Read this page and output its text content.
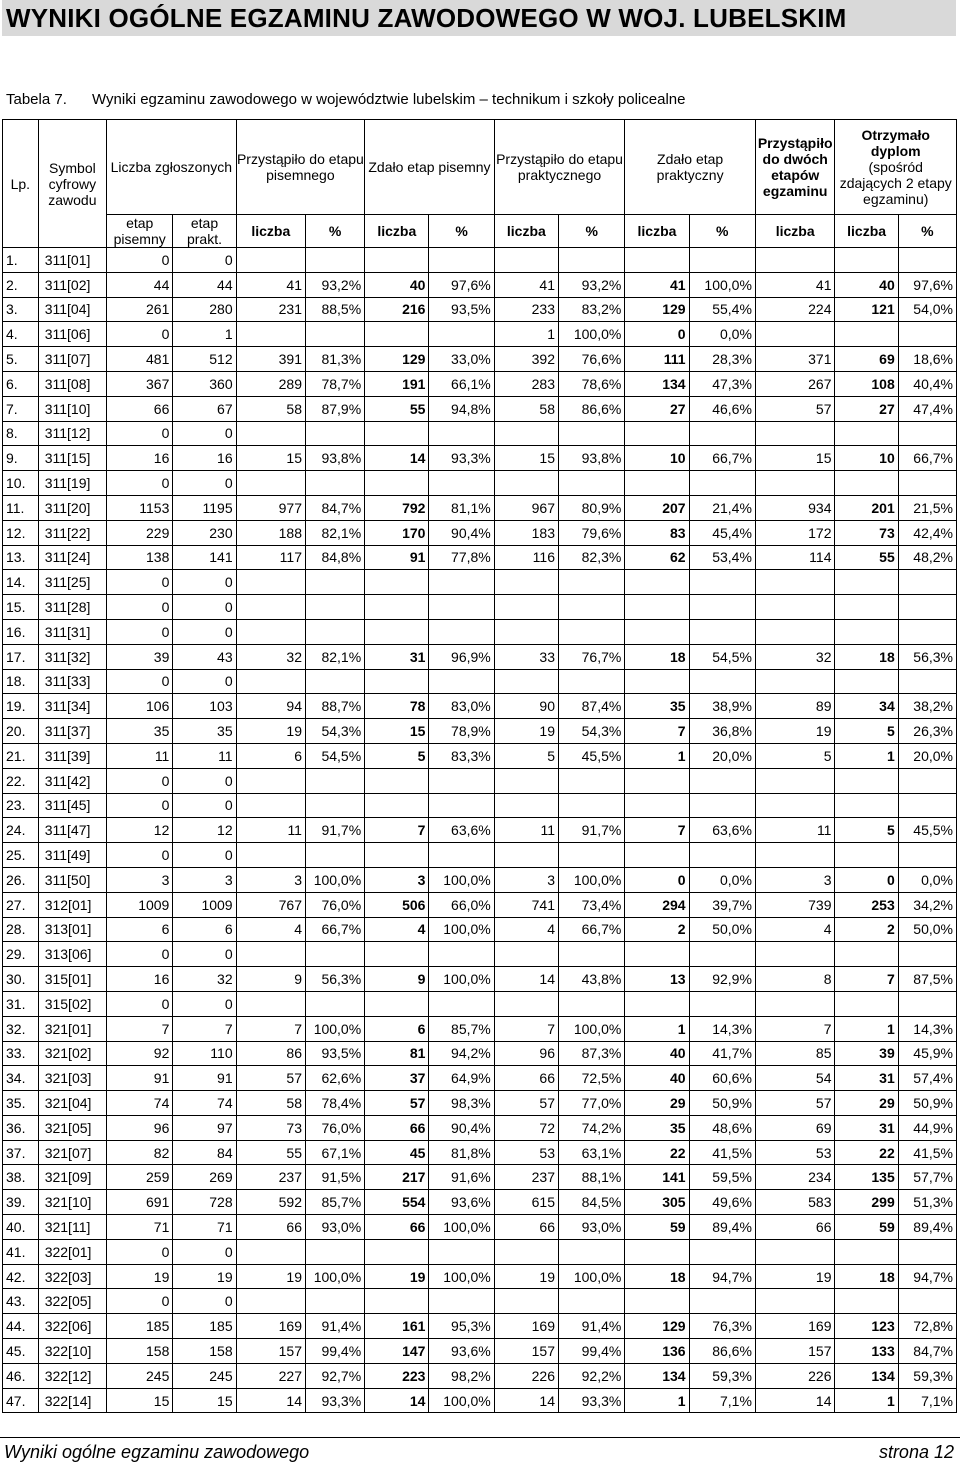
WYNIKI OGÓLNE EGZAMINU ZAWODOWEGO W WOJ. LUBELSKIM
Tabela 7. Wyniki egzaminu zawodowego w województwie lubelskim – technikum i szkoły policealne
Lp.	Symbol cyfrowy zawodu	Liczba zgłoszonych		Przystąpiło do etapu pisemnego		Zdało etap pisemny		Przystąpiło do etapu praktycznego		Zdało etap praktyczny		Przystąpiło do dwóch etapów egzaminu	Otrzymało dyplom
(spośród zdających 2 etapy egzaminu)	

		etap pisemny	etap prakt.	liczba	%	liczba	%	liczba	%	liczba	%	liczba	liczba	%
1.	311[01]	0	0											
2.	311[02]	44	44	41	93,2%	40	97,6%	41	93,2%	41	100,0%	41	40	97,6%
3.	311[04]	261	280	231	88,5%	216	93,5%	233	83,2%	129	55,4%	224	121	54,0%
4.	311[06]	0	1					1	100,0%	0	0,0%			
5.	311[07]	481	512	391	81,3%	129	33,0%	392	76,6%	111	28,3%	371	69	18,6%
6.	311[08]	367	360	289	78,7%	191	66,1%	283	78,6%	134	47,3%	267	108	40,4%
7.	311[10]	66	67	58	87,9%	55	94,8%	58	86,6%	27	46,6%	57	27	47,4%
8.	311[12]	0	0											
9.	311[15]	16	16	15	93,8%	14	93,3%	15	93,8%	10	66,7%	15	10	66,7%
10.	311[19]	0	0											
11.	311[20]	1153	1195	977	84,7%	792	81,1%	967	80,9%	207	21,4%	934	201	21,5%
12.	311[22]	229	230	188	82,1%	170	90,4%	183	79,6%	83	45,4%	172	73	42,4%
13.	311[24]	138	141	117	84,8%	91	77,8%	116	82,3%	62	53,4%	114	55	48,2%
14.	311[25]	0	0											
15.	311[28]	0	0											
16.	311[31]	0	0											
17.	311[32]	39	43	32	82,1%	31	96,9%	33	76,7%	18	54,5%	32	18	56,3%
18.	311[33]	0	0											
19.	311[34]	106	103	94	88,7%	78	83,0%	90	87,4%	35	38,9%	89	34	38,2%
20.	311[37]	35	35	19	54,3%	15	78,9%	19	54,3%	7	36,8%	19	5	26,3%
21.	311[39]	11	11	6	54,5%	5	83,3%	5	45,5%	1	20,0%	5	1	20,0%
22.	311[42]	0	0											
23.	311[45]	0	0											
24.	311[47]	12	12	11	91,7%	7	63,6%	11	91,7%	7	63,6%	11	5	45,5%
25.	311[49]	0	0											
26.	311[50]	3	3	3	100,0%	3	100,0%	3	100,0%	0	0,0%	3	0	0,0%
27.	312[01]	1009	1009	767	76,0%	506	66,0%	741	73,4%	294	39,7%	739	253	34,2%
28.	313[01]	6	6	4	66,7%	4	100,0%	4	66,7%	2	50,0%	4	2	50,0%
29.	313[06]	0	0											
30.	315[01]	16	32	9	56,3%	9	100,0%	14	43,8%	13	92,9%	8	7	87,5%
31.	315[02]	0	0											
32.	321[01]	7	7	7	100,0%	6	85,7%	7	100,0%	1	14,3%	7	1	14,3%
33.	321[02]	92	110	86	93,5%	81	94,2%	96	87,3%	40	41,7%	85	39	45,9%
34.	321[03]	91	91	57	62,6%	37	64,9%	66	72,5%	40	60,6%	54	31	57,4%
35.	321[04]	74	74	58	78,4%	57	98,3%	57	77,0%	29	50,9%	57	29	50,9%
36.	321[05]	96	97	73	76,0%	66	90,4%	72	74,2%	35	48,6%	69	31	44,9%
37.	321[07]	82	84	55	67,1%	45	81,8%	53	63,1%	22	41,5%	53	22	41,5%
38.	321[09]	259	269	237	91,5%	217	91,6%	237	88,1%	141	59,5%	234	135	57,7%
39.	321[10]	691	728	592	85,7%	554	93,6%	615	84,5%	305	49,6%	583	299	51,3%
40.	321[11]	71	71	66	93,0%	66	100,0%	66	93,0%	59	89,4%	66	59	89,4%
41.	322[01]	0	0											
42.	322[03]	19	19	19	100,0%	19	100,0%	19	100,0%	18	94,7%	19	18	94,7%
43.	322[05]	0	0											
44.	322[06]	185	185	169	91,4%	161	95,3%	169	91,4%	129	76,3%	169	123	72,8%
45.	322[10]	158	158	157	99,4%	147	93,6%	157	99,4%	136	86,6%	157	133	84,7%
46.	322[12]	245	245	227	92,7%	223	98,2%	226	92,2%	134	59,3%	226	134	59,3%
47.	322[14]	15	15	14	93,3%	14	100,0%	14	93,3%	1	7,1%	14	1	7,1%
Wyniki ogólne egzaminu zawodowego	strona 12
